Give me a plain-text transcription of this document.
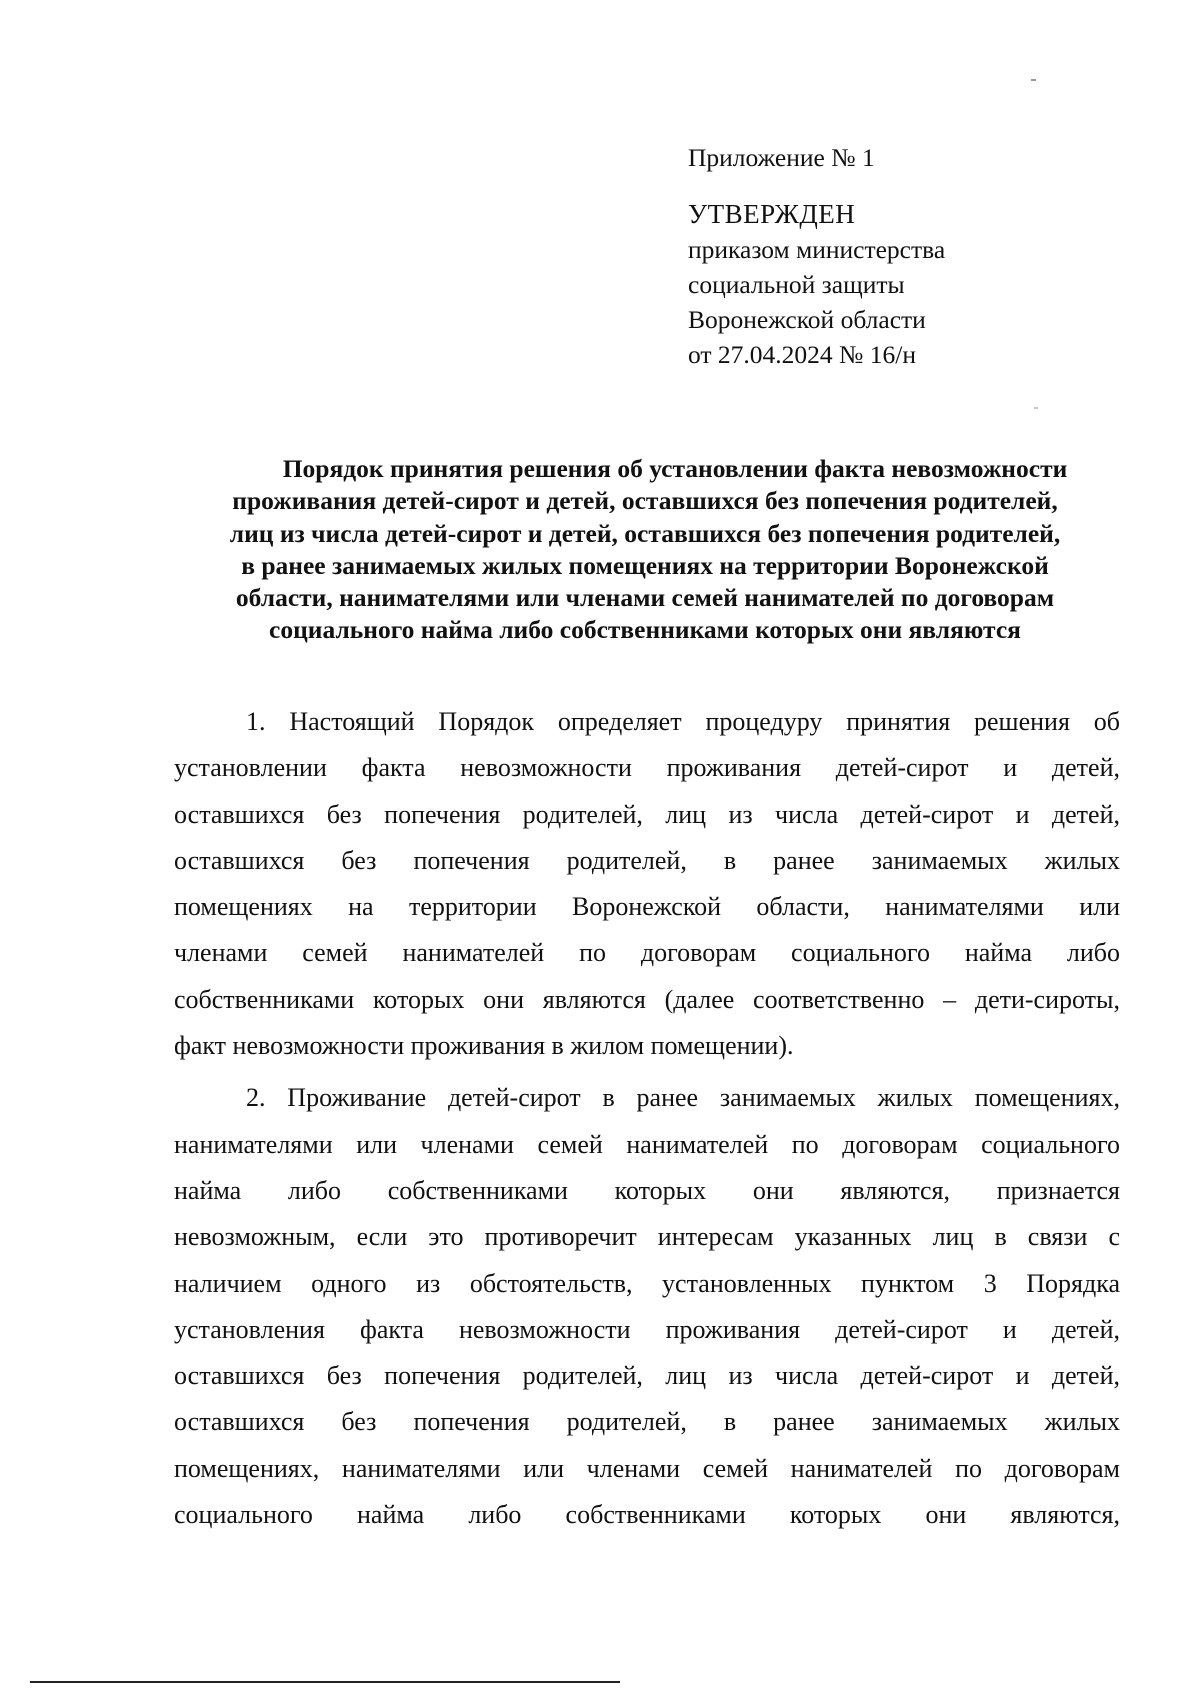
Приложение № 1
УТВЕРЖДЕН
приказом министерства
социальной защиты
Воронежской области
от 27.04.2024 № 16/н
Порядок принятия решения об установлении факта невозможности
проживания детей-сирот и детей, оставшихся без попечения родителей,
лиц из числа детей-сирот и детей, оставшихся без попечения родителей,
в ранее занимаемых жилых помещениях на территории Воронежской
области, нанимателями или членами семей нанимателей по договорам
социального найма либо собственниками которых они являются
1. Настоящий Порядок определяет процедуру принятия решения об
установлении факта невозможности проживания детей-сирот и детей,
оставшихся без попечения родителей, лиц из числа детей-сирот и детей,
оставшихся без попечения родителей, в ранее занимаемых жилых
помещениях на территории Воронежской области, нанимателями или
членами семей нанимателей по договорам социального найма либо
собственниками которых они являются (далее соответственно – дети-сироты,
факт невозможности проживания в жилом помещении).
2. Проживание детей-сирот в ранее занимаемых жилых помещениях,
нанимателями или членами семей нанимателей по договорам социального
найма либо собственниками которых они являются, признается
невозможным, если это противоречит интересам указанных лиц в связи с
наличием одного из обстоятельств, установленных пунктом 3 Порядка
установления факта невозможности проживания детей-сирот и детей,
оставшихся без попечения родителей, лиц из числа детей-сирот и детей,
оставшихся без попечения родителей, в ранее занимаемых жилых
помещениях, нанимателями или членами семей нанимателей по договорам
социального найма либо собственниками которых они являются,
